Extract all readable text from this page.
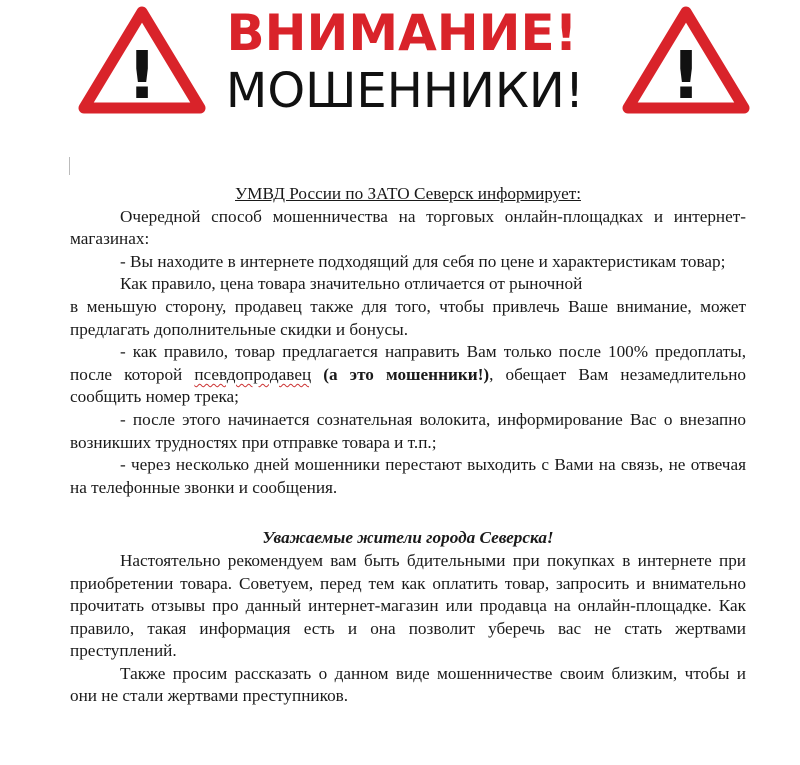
!
ВНИМАНИЕ!
МОШЕННИКИ!	!

УМВД России по ЗАТО Северск информирует:

Очередной способ мошенничества на торговых онлайн-площадках и интернет-магазинах:

- Вы находите в интернете подходящий для себя по цене и характеристикам товар;

Как правило, цена товара значительно отличается от рыночной

в меньшую сторону, продавец также для того, чтобы привлечь Ваше внимание, может предлагать дополнительные скидки и бонусы.

- как правило, товар предлагается направить Вам только после 100% предоплаты, после которой псевдопродавец (а это мошенники!), обещает Вам незамедлительно сообщить номер трека;

- после этого начинается сознательная волокита, информирование Вас о внезапно возникших трудностях при отправке товара и т.п.;

- через несколько дней мошенники перестают выходить с Вами на связь, не отвечая на телефонные звонки и сообщения.

Уважаемые жители города Северска!

Настоятельно рекомендуем вам быть бдительными при покупках в интернете при приобретении товара. Советуем, перед тем как оплатить товар, запросить и внимательно прочитать отзывы про данный интернет-магазин или продавца на онлайн-площадке. Как правило, такая информация есть и она позволит уберечь вас не стать жертвами преступлений.

Также просим рассказать о данном виде мошенничестве своим близким, чтобы и они не стали жертвами преступников.
